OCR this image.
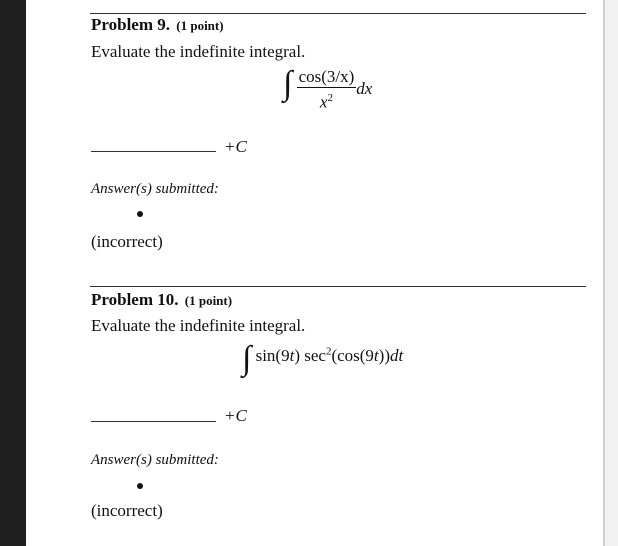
Problem 9. (1 point)
Evaluate the indefinite integral.
∫ $\frac{\cos(3/x)}{x^2}$ dx
+C
Answer(s) submitted:
(incorrect)
Problem 10. (1 point)
Evaluate the indefinite integral.
∫ sin(9t) $\sec^2(\cos(9t))dt$
+C
Answer(s) submitted:
(incorrect)
